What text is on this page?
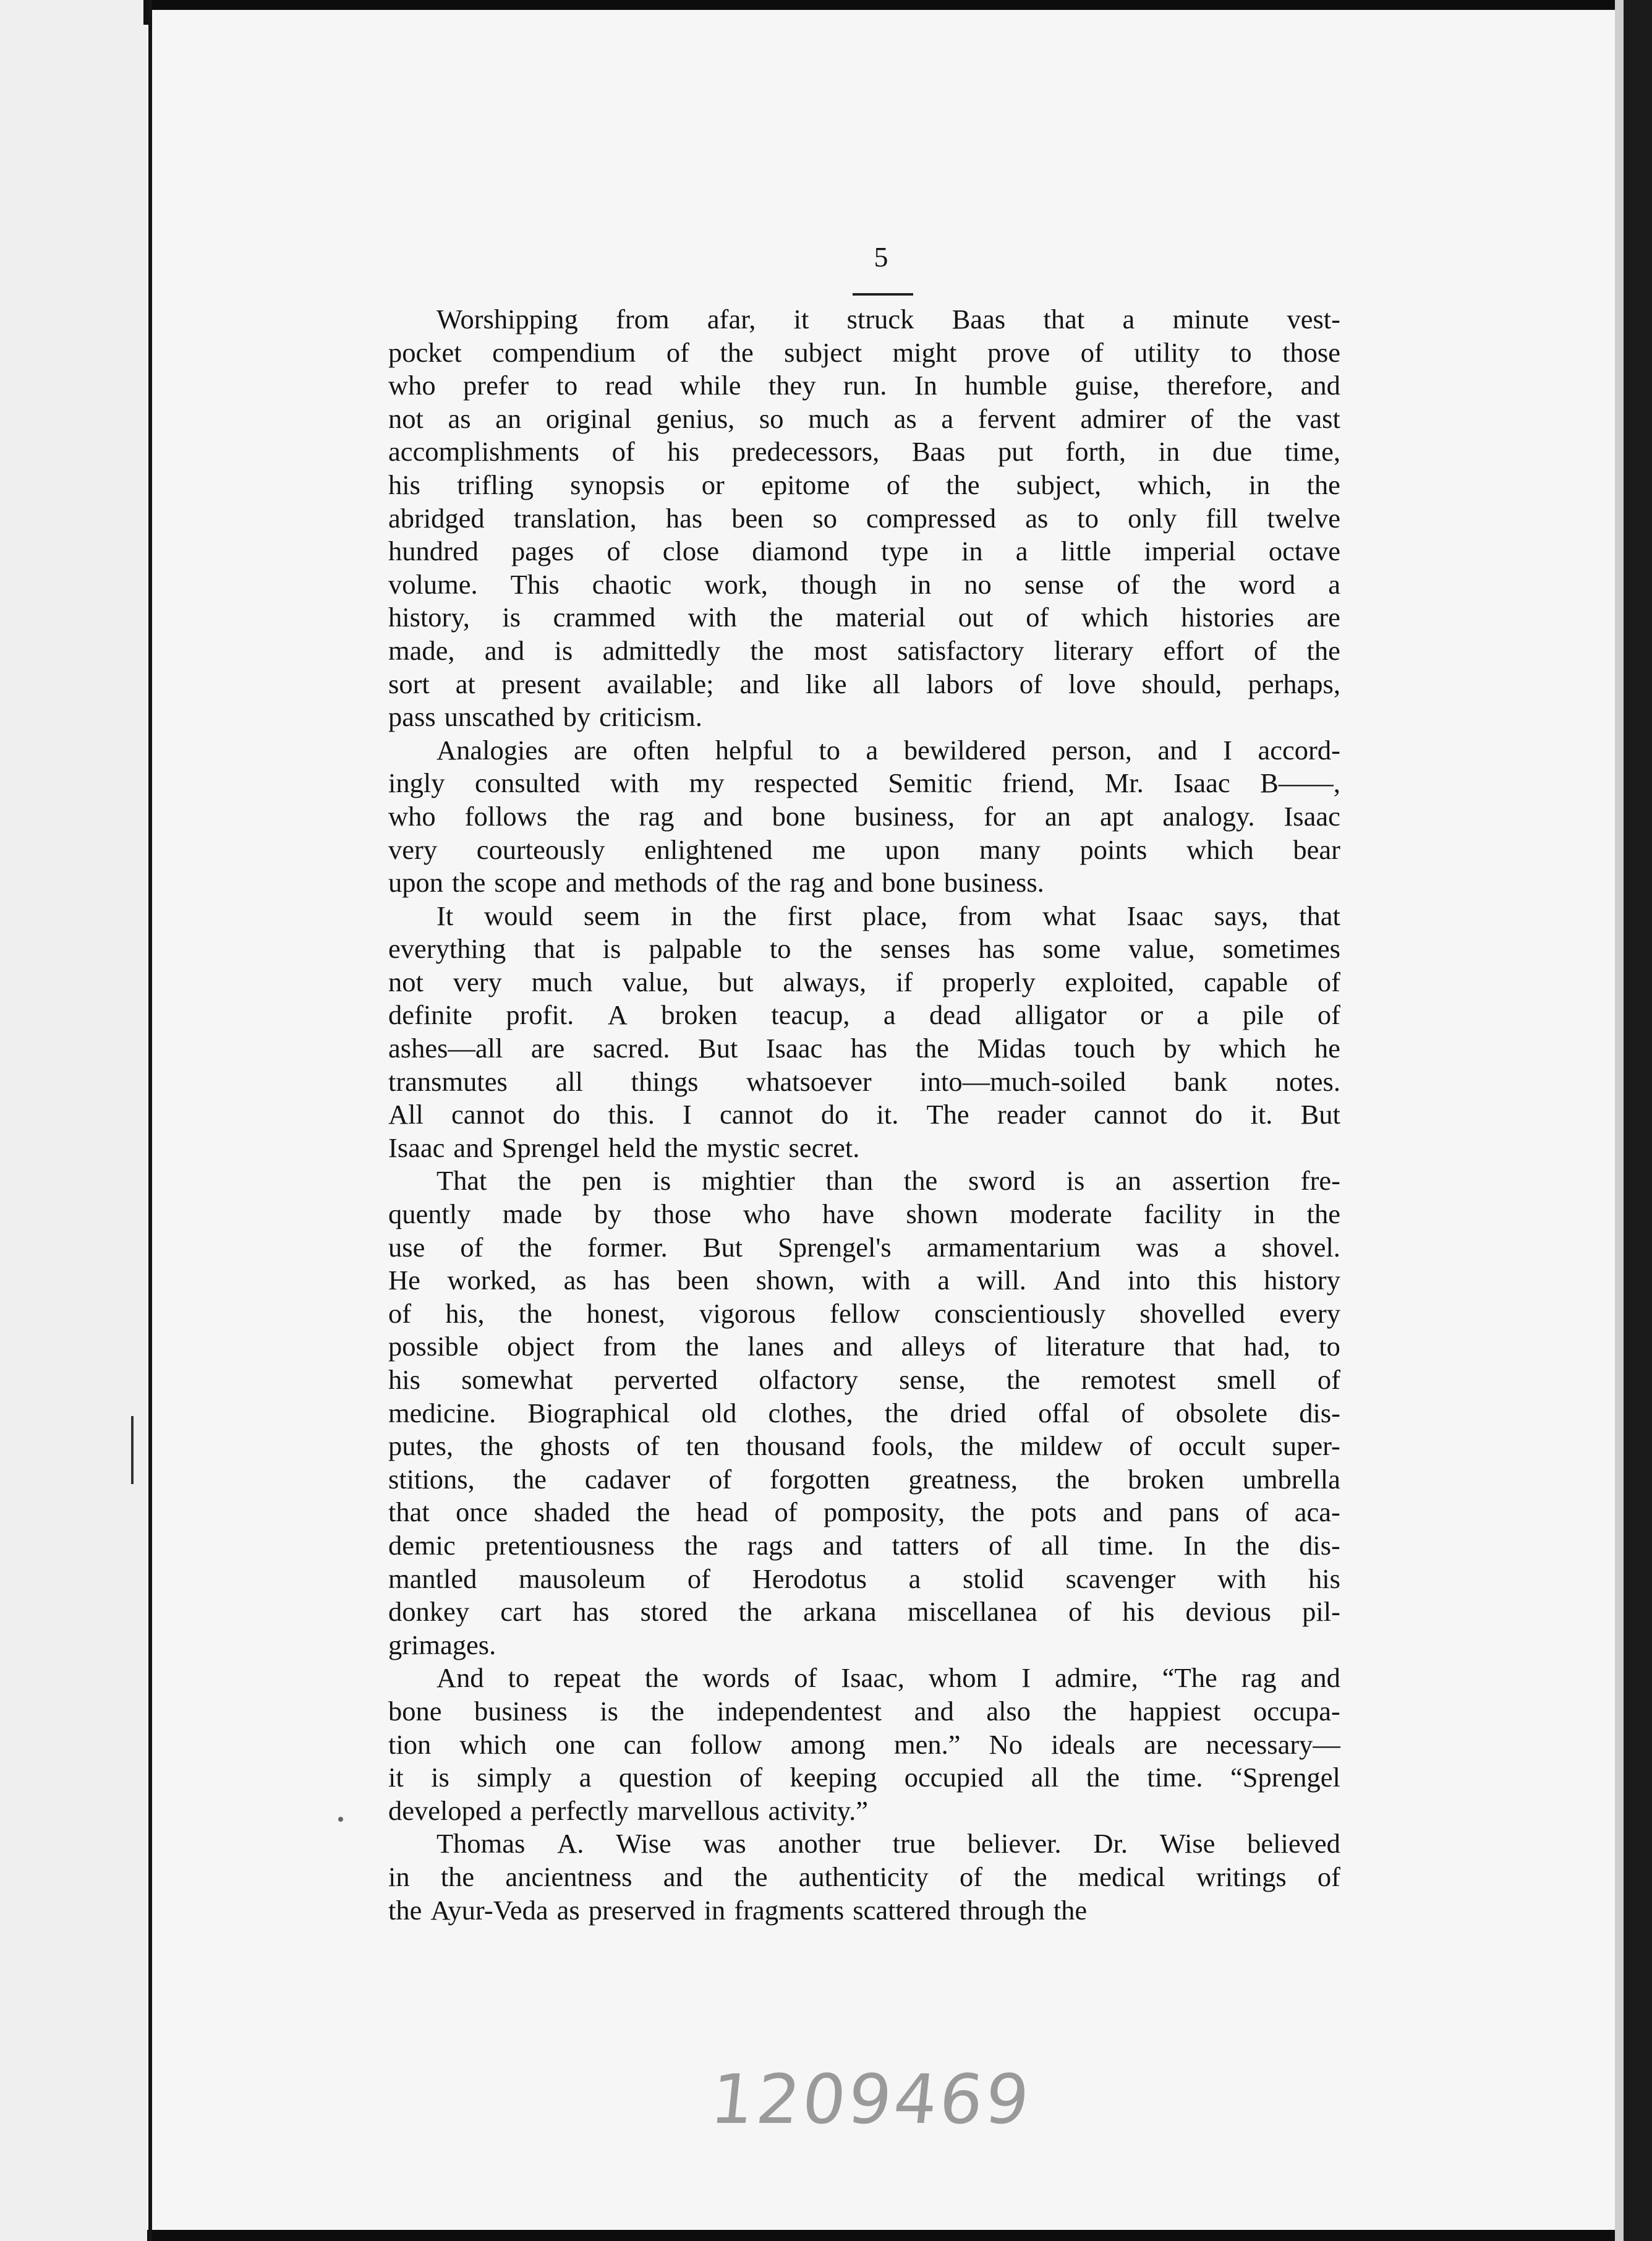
5
Worshipping from afar, it struck Baas that a minute vest-
pocket compendium of the subject might prove of utility to those
who prefer to read while they run. In humble guise, therefore, and
not as an original genius, so much as a fervent admirer of the vast
accomplishments of his predecessors, Baas put forth, in due time,
his trifling synopsis or epitome of the subject, which, in the
abridged translation, has been so compressed as to only fill twelve
hundred pages of close diamond type in a little imperial octave
volume. This chaotic work, though in no sense of the word a
history, is crammed with the material out of which histories are
made, and is admittedly the most satisfactory literary effort of the
sort at present available; and like all labors of love should, perhaps,
pass unscathed by criticism.
Analogies are often helpful to a bewildered person, and I accord-
ingly consulted with my respected Semitic friend, Mr. Isaac B——,
who follows the rag and bone business, for an apt analogy. Isaac
very courteously enlightened me upon many points which bear
upon the scope and methods of the rag and bone business.
It would seem in the first place, from what Isaac says, that
everything that is palpable to the senses has some value, sometimes
not very much value, but always, if properly exploited, capable of
definite profit. A broken teacup, a dead alligator or a pile of
ashes—all are sacred. But Isaac has the Midas touch by which he
transmutes all things whatsoever into—much-soiled bank notes.
All cannot do this. I cannot do it. The reader cannot do it. But
Isaac and Sprengel held the mystic secret.
That the pen is mightier than the sword is an assertion fre-
quently made by those who have shown moderate facility in the
use of the former. But Sprengel's armamentarium was a shovel.
He worked, as has been shown, with a will. And into this history
of his, the honest, vigorous fellow conscientiously shovelled every
possible object from the lanes and alleys of literature that had, to
his somewhat perverted olfactory sense, the remotest smell of
medicine. Biographical old clothes, the dried offal of obsolete dis-
putes, the ghosts of ten thousand fools, the mildew of occult super-
stitions, the cadaver of forgotten greatness, the broken umbrella
that once shaded the head of pomposity, the pots and pans of aca-
demic pretentiousness the rags and tatters of all time. In the dis-
mantled mausoleum of Herodotus a stolid scavenger with his
donkey cart has stored the arkana miscellanea of his devious pil-
grimages.
And to repeat the words of Isaac, whom I admire, “The rag and
bone business is the independentest and also the happiest occupa-
tion which one can follow among men.” No ideals are necessary—
it is simply a question of keeping occupied all the time. “Sprengel
developed a perfectly marvellous activity.”
Thomas A. Wise was another true believer. Dr. Wise believed
in the ancientness and the authenticity of the medical writings of
the Ayur-Veda as preserved in fragments scattered through the
1209469
